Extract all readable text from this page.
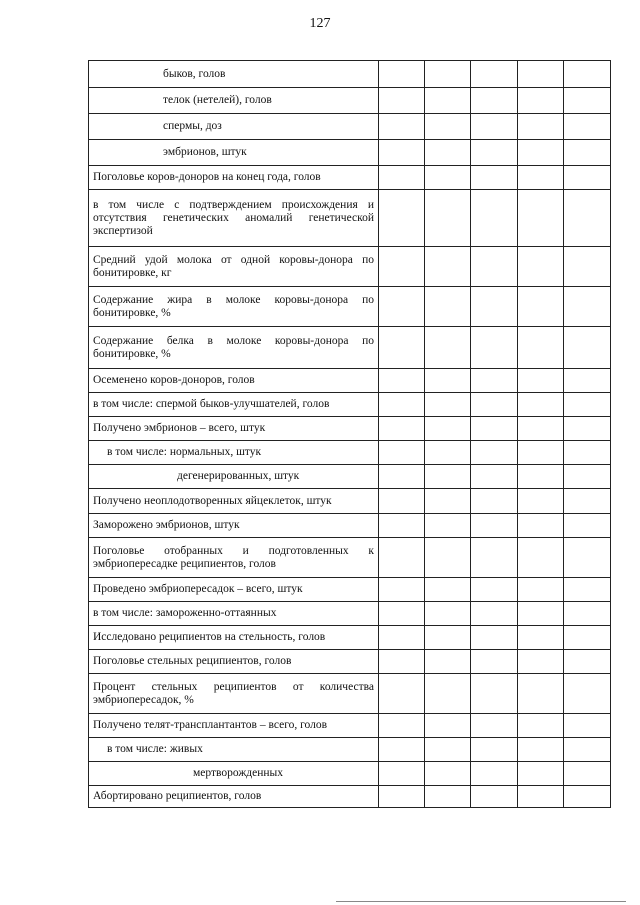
127
быков, голов					

телок (нетелей), голов					

спермы, доз					

эмбрионов, штук					

Поголовье коров-доноров на конец года, голов					

в том числе с подтверждением происхождения и отсутствия генетических аномалий генетической экспертизой					

Средний удой молока от одной коровы-донора по бонитировке, кг					

Содержание жира в молоке коровы-донора по бонитировке, %					

Содержание белка в молоке коровы-донора по бонитировке, %					

Осеменено коров-доноров, голов					

в том числе: спермой быков-улучшателей, голов					

Получено эмбрионов – всего, штук					

в том числе: нормальных, штук					

дегенерированных, штук					

Получено неоплодотворенных яйцеклеток, штук					

Заморожено эмбрионов, штук					

Поголовье отобранных и подготовленных к эмбриопересадке реципиентов, голов					

Проведено эмбриопересадок – всего, штук					

в том числе: замороженно-оттаянных					

Исследовано реципиентов на стельность, голов					

Поголовье стельных реципиентов, голов					

Процент стельных реципиентов от количества эмбриопересадок, %					

Получено телят-трансплантантов – всего, голов					

в том числе: живых					

мертворожденных					

Абортировано реципиентов, голов					
